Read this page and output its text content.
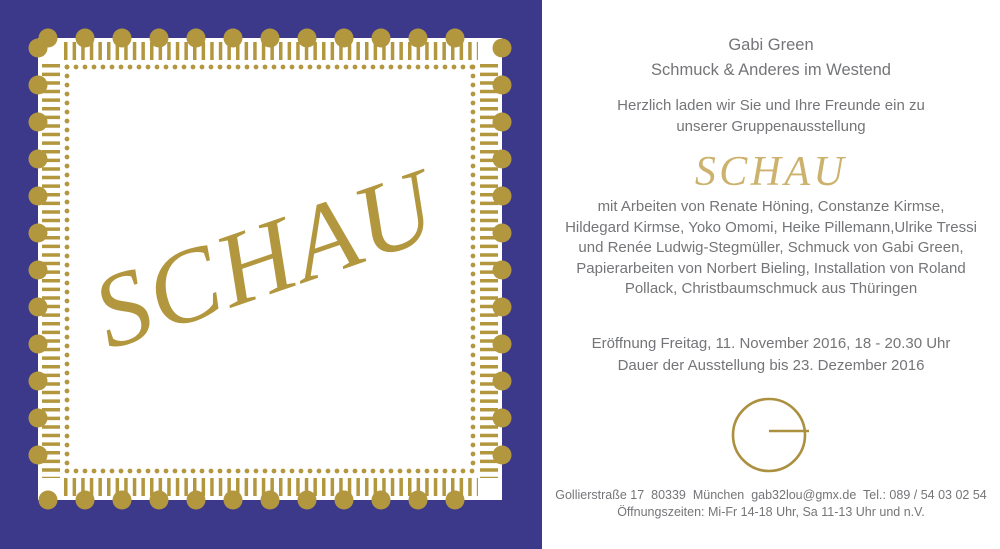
SCHAU
Gabi Green
Schmuck & Anderes im Westend
Herzlich laden wir Sie und Ihre Freunde ein zu
unserer Gruppenausstellung
SCHAU
mit Arbeiten von Renate Höning, Constanze Kirmse,
Hildegard Kirmse, Yoko Omomi, Heike Pillemann,Ulrike Tressi
und Renée Ludwig-Stegmüller, Schmuck von Gabi Green,
Papierarbeiten von Norbert Bieling, Installation von Roland
Pollack, Christbaumschmuck aus Thüringen
Eröffnung Freitag, 11. November 2016, 18 - 20.30 Uhr
Dauer der Ausstellung bis 23. Dezember 2016
Gollierstraße 17  80339  München  gab32lou@gmx.de  Tel.: 089 / 54 03 02 54
Öffnungszeiten: Mi-Fr 14-18 Uhr, Sa 11-13 Uhr und n.V.
